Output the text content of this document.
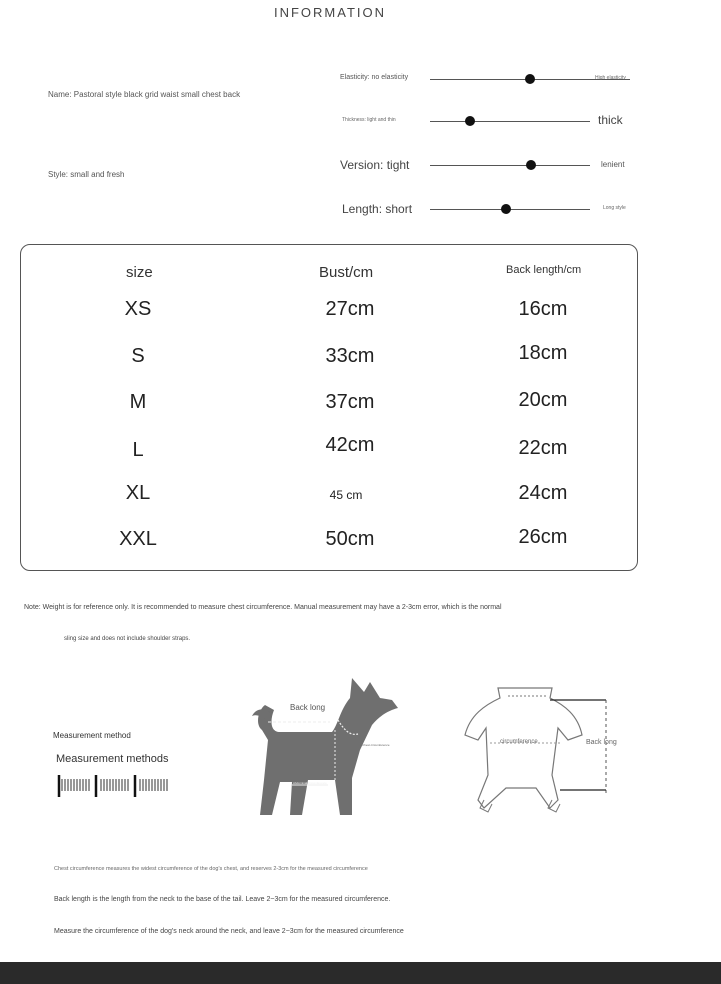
INFORMATION
Name: Pastoral style black grid waist small chest back
Style: small and fresh
Elasticity: no elasticity	High elasticity
Thickness: light and thin	thick
Version: tight	lenient
Length: short	Long style
size	Bust/cm	Back length/cm
XS	27cm	16cm
S	33cm	18cm
M	37cm	20cm
L	42cm	22cm
XL	45 cm	24cm
XXL	50cm	26cm
Note: Weight is for reference only. It is recommended to measure chest circumference. Manual measurement may have a 2-3cm error, which is the normal
sling size and does not include shoulder straps.
Measurement method
Measurement methods
Back long
Chest circumference
Abdominal circumference
circumference	Back long
Chest circumference measures the widest circumference of the dog's chest, and reserves 2-3cm for the measured circumference
Back length is the length from the neck to the base of the tail. Leave 2~3cm for the measured circumference.
Measure the circumference of the dog's neck around the neck, and leave 2~3cm for the measured circumference
